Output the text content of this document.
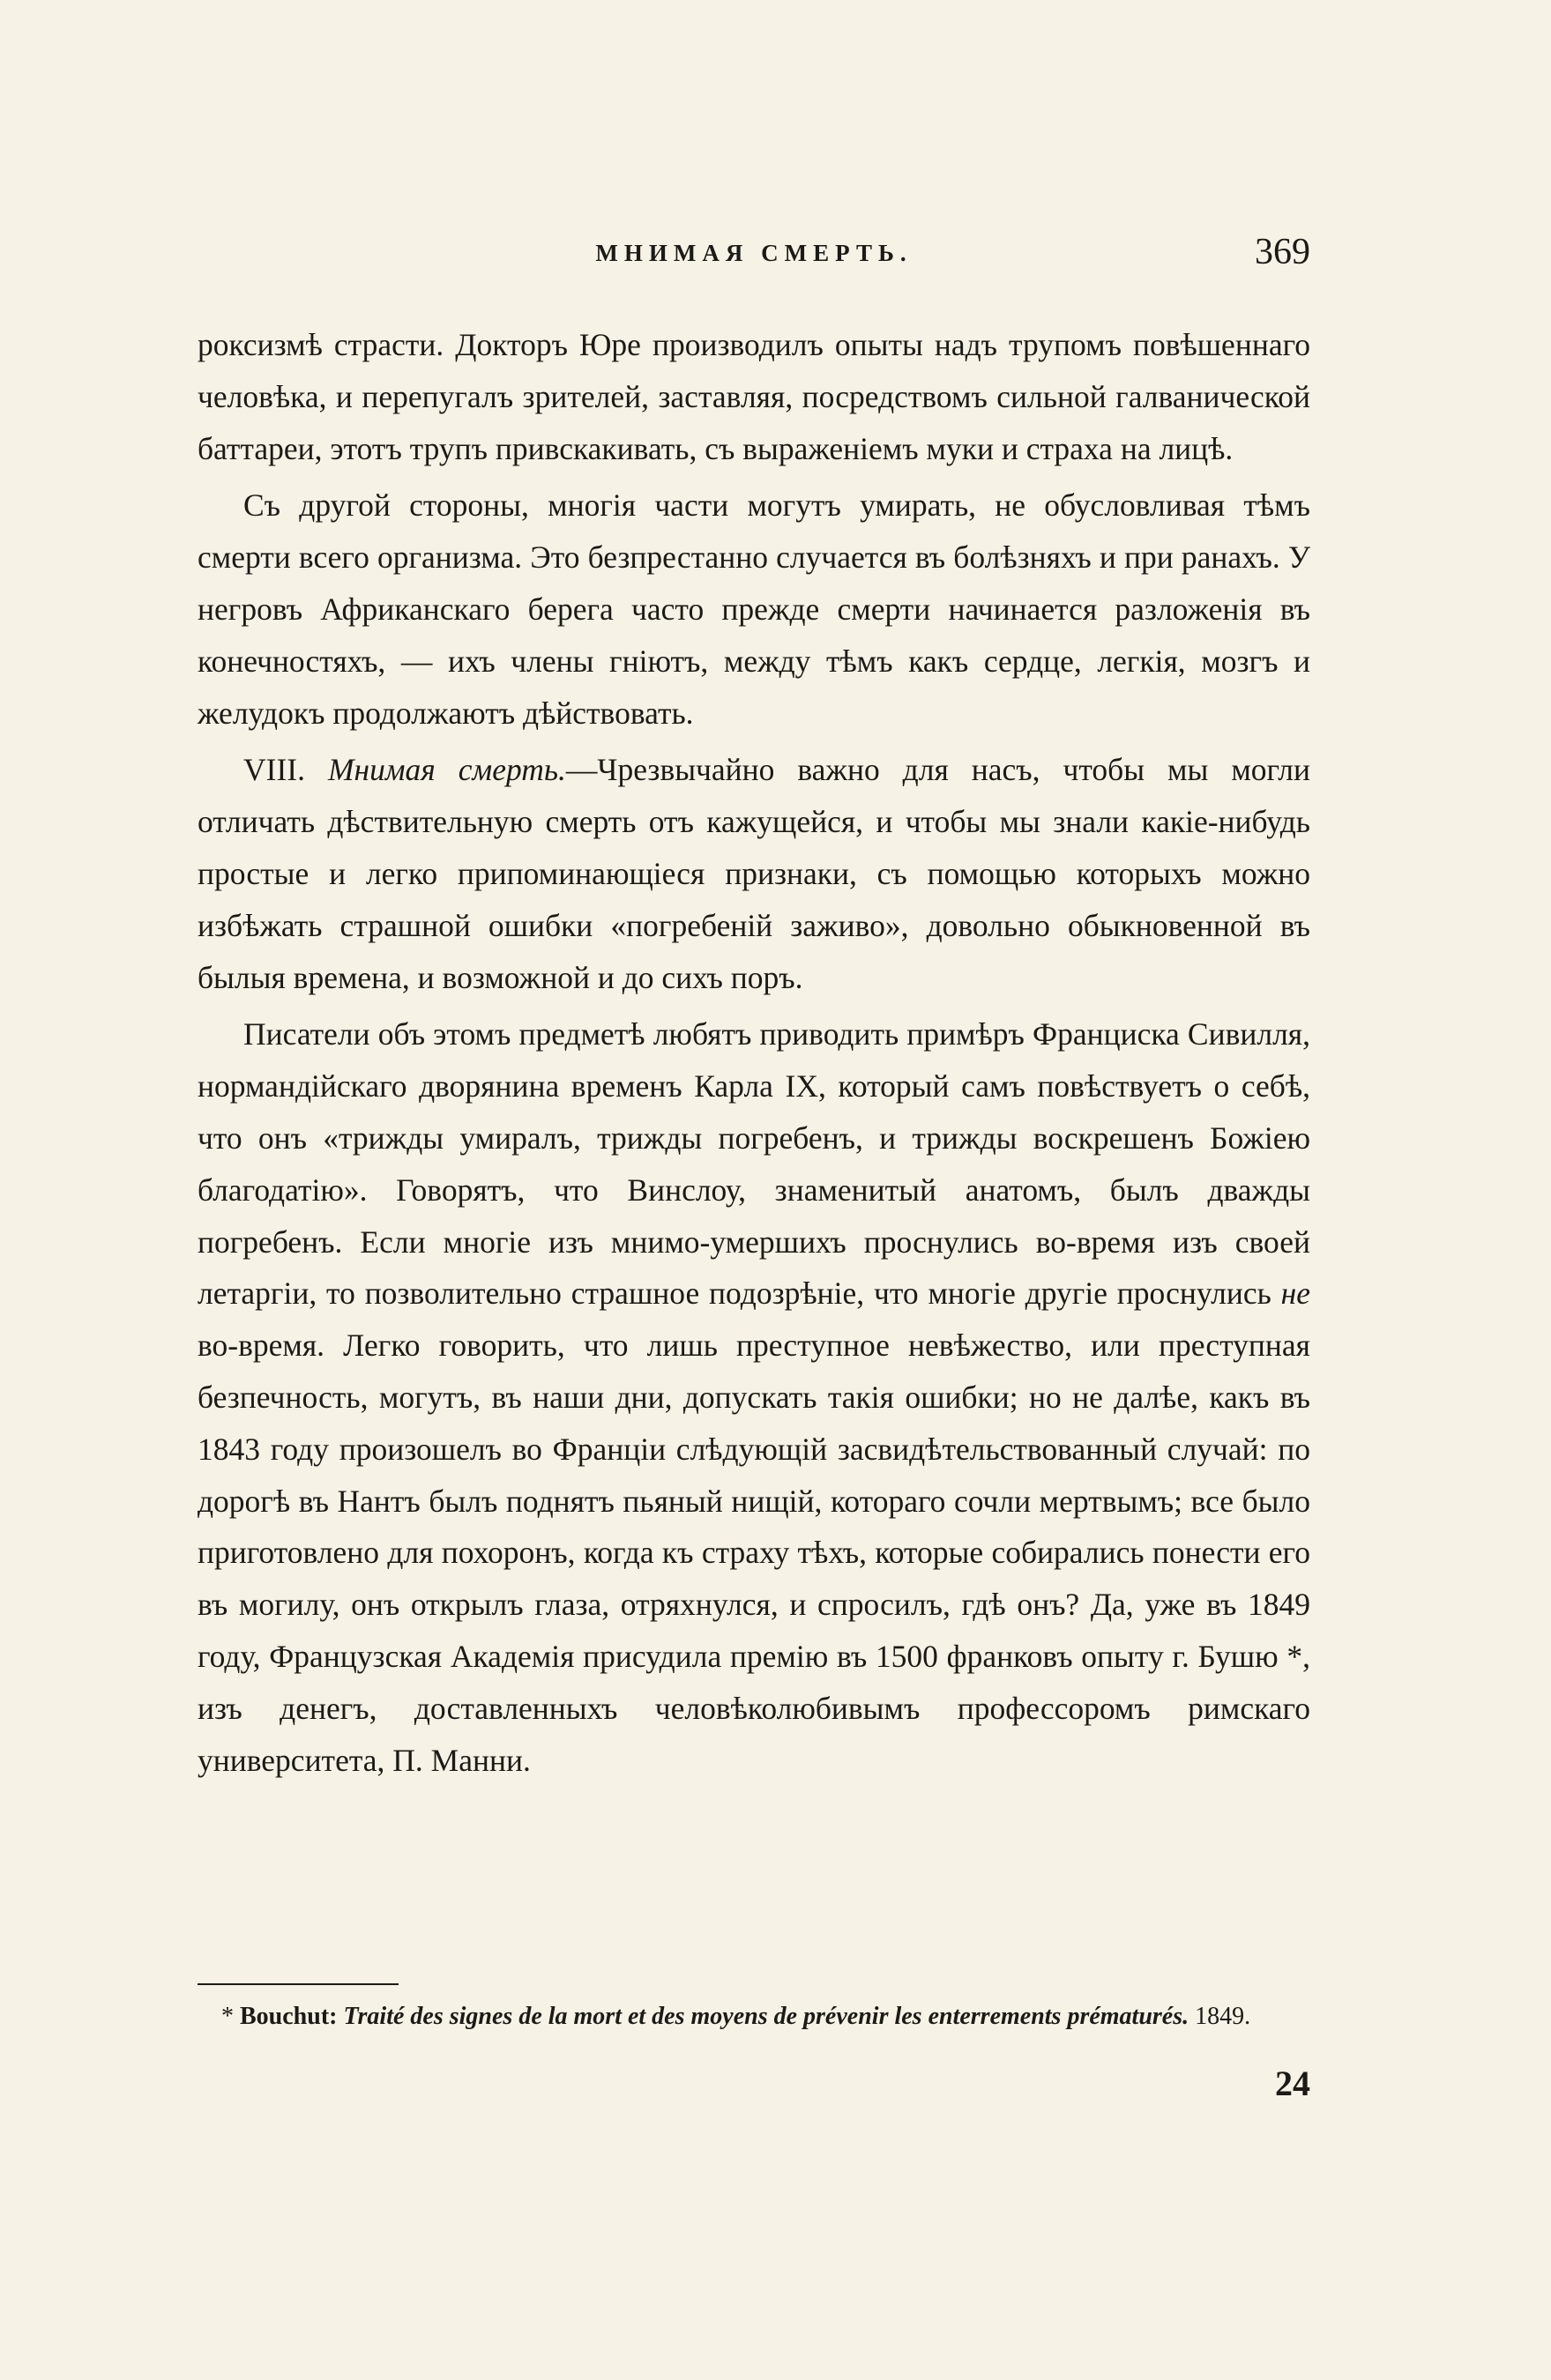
МНИМАЯ СМЕРТЬ.	369

роксизмѣ страсти. Докторъ Юре производилъ опыты надъ трупомъ повѣшеннаго человѣка, и перепугалъ зрителей, заставляя, посредствомъ сильной галванической баттареи, этотъ трупъ привскакивать, съ выраженіемъ муки и страха на лицѣ.

Съ другой стороны, многія части могутъ умирать, не обусловливая тѣмъ смерти всего организма. Это безпрестанно случается въ болѣзняхъ и при ранахъ. У негровъ Африканскаго берега часто прежде смерти начинается разложенія въ конечностяхъ, — ихъ члены гніютъ, между тѣмъ какъ сердце, легкія, мозгъ и желудокъ продолжаютъ дѣйствовать.

VIII. Мнимая смерть.—Чрезвычайно важно для насъ, чтобы мы могли отличать дѣствительную смерть отъ кажущейся, и чтобы мы знали какіе-нибудь простые и легко припоминающіеся признаки, съ помощью которыхъ можно избѣжать страшной ошибки «погребеній заживо», довольно обыкновенной въ былыя времена, и возможной и до сихъ поръ.

Писатели объ этомъ предметѣ любятъ приводить примѣръ Франциска Сивилля, нормандійскаго дворянина временъ Карла IX, который самъ повѣствуетъ о себѣ, что онъ «трижды умиралъ, трижды погребенъ, и трижды воскрешенъ Божіею благодатію». Говорятъ, что Винслоу, знаменитый анатомъ, былъ дважды погребенъ. Если многіе изъ мнимо-умершихъ проснулись во-время изъ своей летаргіи, то позволительно страшное подозрѣніе, что многіе другіе проснулись не во-время. Легко говорить, что лишь преступное невѣжество, или преступная безпечность, могутъ, въ наши дни, допускать такія ошибки; но не далѣе, какъ въ 1843 году произошелъ во Франціи слѣдующій засвидѣтельствованный случай: по дорогѣ въ Нантъ былъ поднятъ пьяный нищій, котораго сочли мертвымъ; все было приготовлено для похоронъ, когда къ страху тѣхъ, которые собирались понести его въ могилу, онъ открылъ глаза, отряхнулся, и спросилъ, гдѣ онъ? Да, уже въ 1849 году, Французская Академія присудила премію въ 1500 франковъ опыту г. Бушю *, изъ денегъ, доставленныхъ человѣколюбивымъ профессоромъ римскаго университета, П. Манни.

* Bouchut: Traité des signes de la mort et des moyens de prévenir les enterrements prématurés. 1849.
24
